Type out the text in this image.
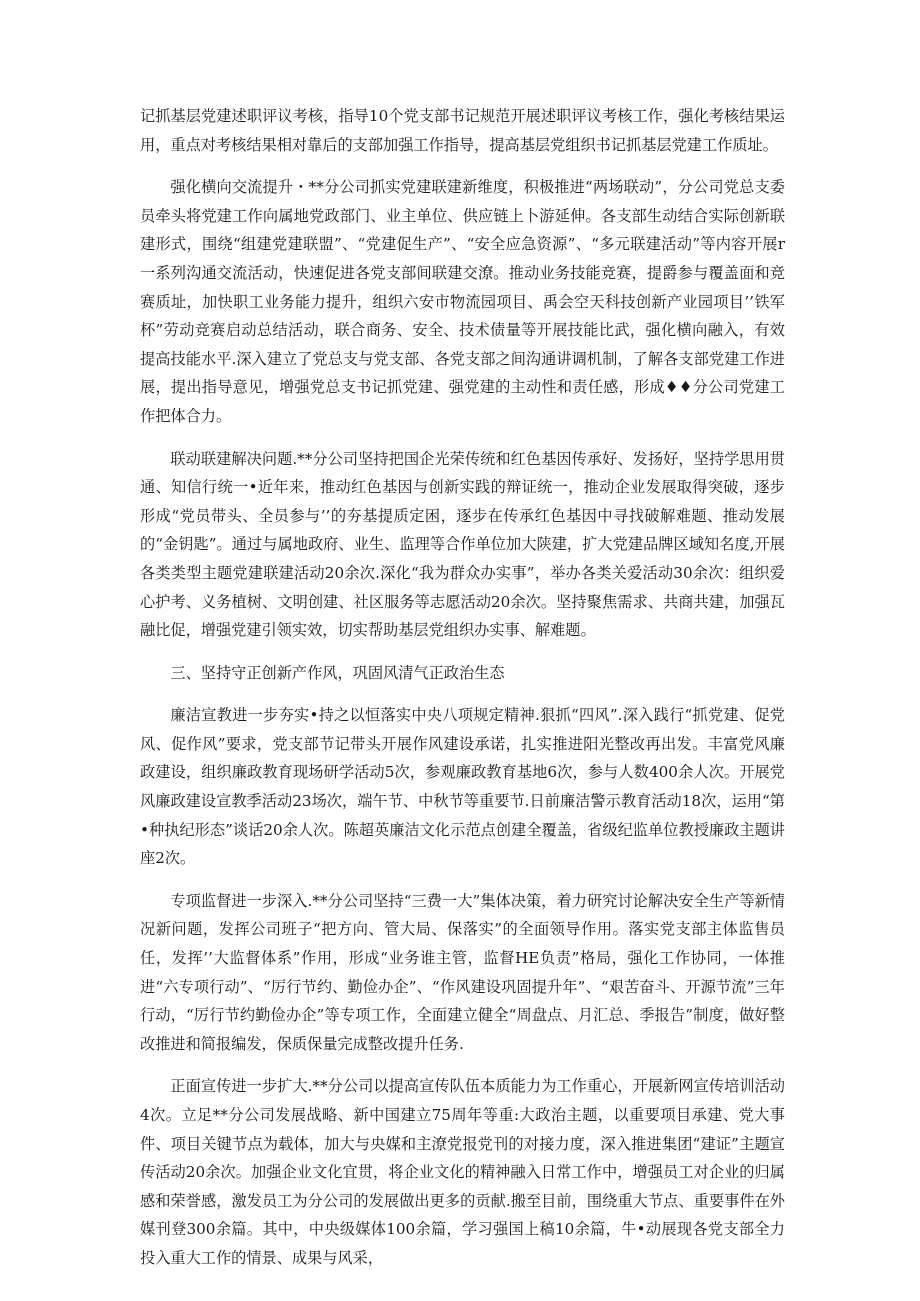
记抓基层党建述职评议考核，指导10个党支部书记规范开展述职评议考核工作，强化考核结果运用，重点对考核结果相对靠后的支部加强工作指导，提高基层党组织书记抓基层党建工作质址。

强化横向交流提升・**分公司抓实党建联建新维度，积极推进“两场联动”，分公司党总支委员牵头将党建工作向属地党政部门、业主单位、供应链上卜游延伸。各支部生动结合实际创新联建形式，围绕“组建党建联盟”、“党建促生产”、“安全应急资源”、“多元联建活动”等内容开展r一系列沟通交流活动，快速促进各党支部间联建交潦。推动业务技能竞赛，提爵参与覆盖面和竞赛质址，加快职工业务能力提升，组织六安市物流园项目、禹会空天科技创新产业园项目’’铁军杯”劳动竞赛启动总结活动，联合商务、安全、技术债量等开展技能比武，强化横向融入，有效提高技能水平.深入建立了党总支与党支部、各党支部之间沟通讲调机制，了解各支部党建工作进展，提出指导意见，增强党总支书记抓党建、强党建的主动性和责任感，形成♦♦分公司党建工作把体合力。

联动联建解决问题.**分公司坚持把国企光荣传统和红色基因传承好、发扬好，坚持学思用贯通、知信行统一•近年来，推动红色基因与创新实践的辩证统一，推动企业发展取得突破，逐步形成“党员带头、全员参与’’的夯基提质定困，逐步在传承红色基因中寻找破解难题、推动发展的“金钥匙”。通过与属地政府、业生、监理等合作单位加大陕建，扩大党建品牌区域知名度,开展各类类型主题党建联建活动20余次.深化“我为群众办实事”，举办各类关爱活动30余次：组织爱心护考、义务植树、文明创建、社区服务等志愿活动20余次。坚持聚焦需求、共商共建，加强瓦融比促，增强党建引领实效，切实帮助基层党组织办实事、解难题。

三、坚持守正创新产作风，巩固风清气正政治生态

廉洁宣教进一步夯实•持之以恒落实中央八项规定精神.狠抓“四风”.深入践行“抓党建、促党风、促作风”要求，党支部节记带头开展作风建设承诺，扎实推进阳光整改再出发。丰富党风廉政建设，组织廉政教育现场研学活动5次，参观廉政教育基地6次，参与人数400余人次。开展党风廉政建设宣教季活动23场次，端午节、中秋节等重要节.日前廉洁警示教育活动18次，运用“第•种执纪形态”谈话20余人次。陈超英廉洁文化示范点创建全覆盖，省级纪监单位教授廉政主题讲座2次。

专项监督进一步深入.**分公司坚持“三费一大”集体决策，着力研究讨论解决安全生产等新情况新问题，发挥公司班子“把方向、管大局、保落实”的全面领导作用。落实党支部主体监售员任，发挥’’大监督体系”作用，形成“业务谁主管，监督HE负责”格局，强化工作协同，一体推进“六专项行动”、“厉行节约、勤俭办企”、“作风建设巩固提升年”、“艰苦奋斗、开源节流”三年行动，“厉行节约勤俭办企”等专项工作，全面建立健全“周盘点、月汇总、季报告”制度，做好整改推进和简报编发，保质保量完成整改提升任务.

正面宣传进一步扩大.**分公司以提高宣传队伍本质能力为工作重心，开展新网宣传培训活动4次。立足**分公司发展战略、新中国建立75周年等重:大政治主题，以重要项目承建、党大事件、项目关键节点为载体，加大与央媒和主潦党报党刊的对接力度，深入推进集团“建证”主题宣传活动20余次。加强企业文化宜贯，将企业文化的精神融入日常工作中，增强员工对企业的归属感和荣誉感，激发员工为分公司的发展做出更多的贡献.搬至目前，围绕重大节点、重要事件在外媒刊登300余篇。其中，中央级媒体100余篇，学习强国上稿10余篇，牛•动展现各党支部全力投入重大工作的情景、成果与风采，
